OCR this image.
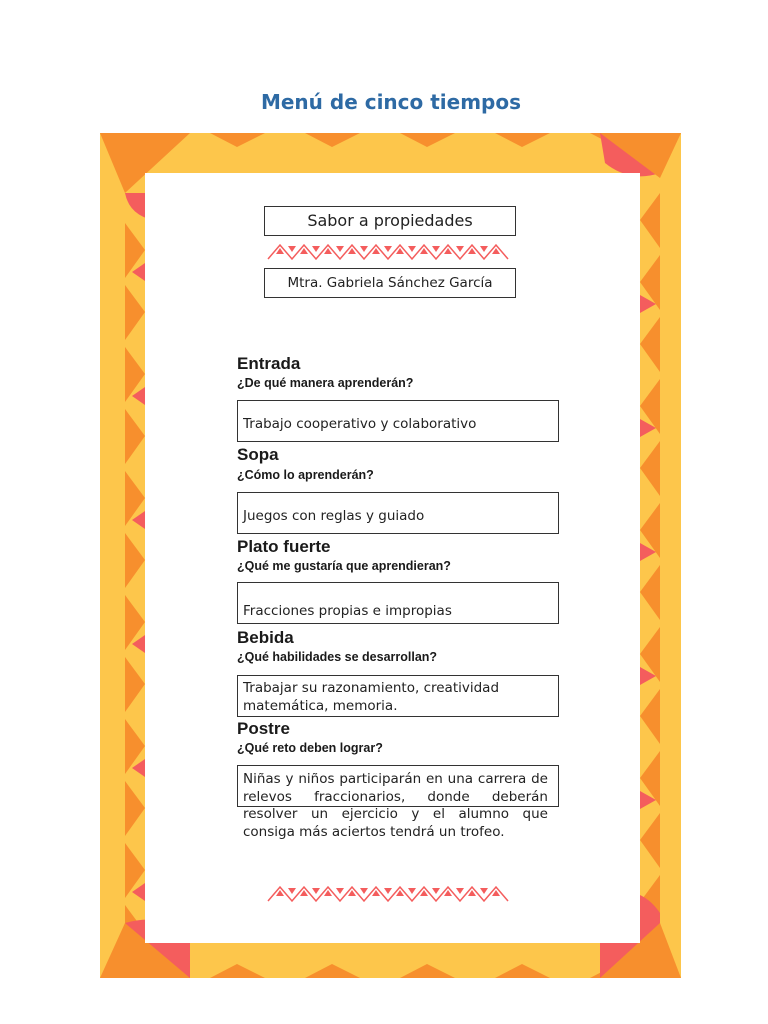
Menú de cinco tiempos
Sabor a propiedades
Mtra. Gabriela Sánchez García
Entrada
¿De qué manera aprenderán?
Trabajo cooperativo y colaborativo
Sopa
¿Cómo lo aprenderán?
Juegos con reglas y guiado
Plato fuerte
¿Qué me gustaría que aprendieran?
Fracciones propias e impropias
Bebida
¿Qué habilidades se desarrollan?
Trabajar su razonamiento, creatividad matemática, memoria.
Postre
¿Qué reto deben lograr?
Niñas y niños participarán en una carrera de relevos fraccionarios, donde deberán resolver un ejercicio y el alumno que consiga más aciertos tendrá un trofeo.
